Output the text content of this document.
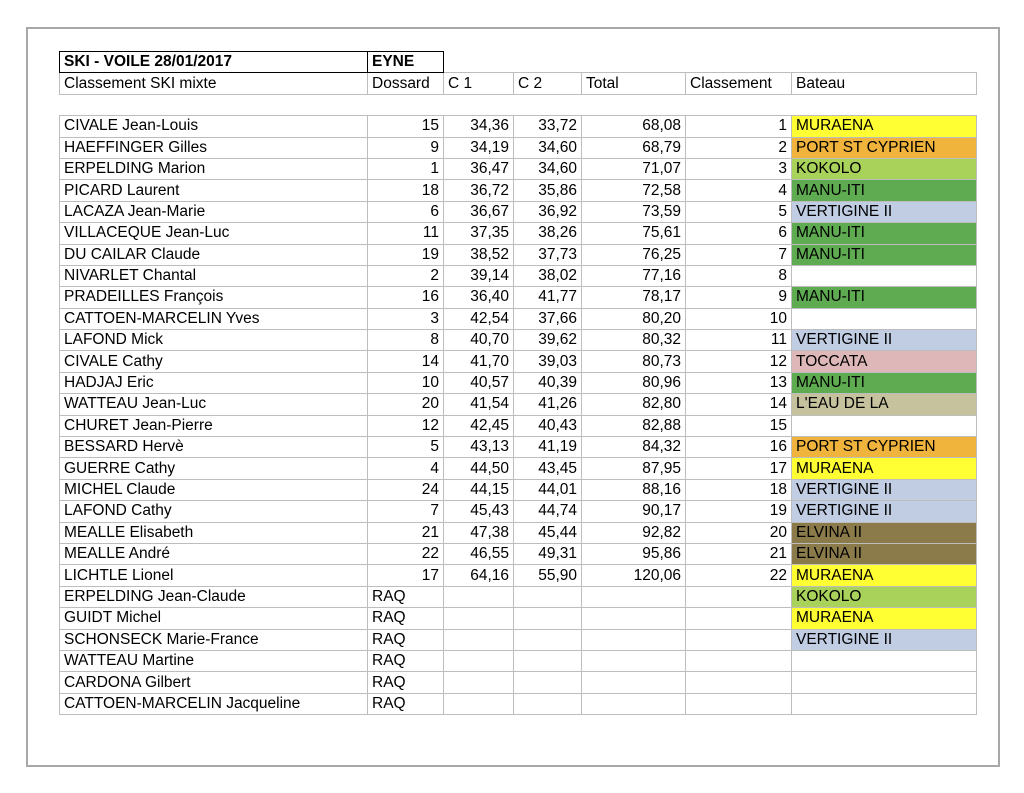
SKI - VOILE 28/01/2017	EYNE					
Classement SKI mixte	Dossard	C 1	C 2	Total	Classement	Bateau

CIVALE Jean-Louis	15	34,36	33,72	68,08	1	MURAENA
HAEFFINGER Gilles	9	34,19	34,60	68,79	2	PORT ST CYPRIEN
ERPELDING Marion	1	36,47	34,60	71,07	3	KOKOLO
PICARD Laurent	18	36,72	35,86	72,58	4	MANU-ITI
LACAZA Jean-Marie	6	36,67	36,92	73,59	5	VERTIGINE II
VILLACEQUE Jean-Luc	11	37,35	38,26	75,61	6	MANU-ITI
DU CAILAR Claude	19	38,52	37,73	76,25	7	MANU-ITI
NIVARLET Chantal	2	39,14	38,02	77,16	8	
PRADEILLES François	16	36,40	41,77	78,17	9	MANU-ITI
CATTOEN-MARCELIN Yves	3	42,54	37,66	80,20	10	
LAFOND Mick	8	40,70	39,62	80,32	11	VERTIGINE II
CIVALE Cathy	14	41,70	39,03	80,73	12	TOCCATA
HADJAJ Eric	10	40,57	40,39	80,96	13	MANU-ITI
WATTEAU Jean-Luc	20	41,54	41,26	82,80	14	L'EAU DE LA
CHURET Jean-Pierre	12	42,45	40,43	82,88	15	
BESSARD Hervè	5	43,13	41,19	84,32	16	PORT ST CYPRIEN
GUERRE Cathy	4	44,50	43,45	87,95	17	MURAENA
MICHEL Claude	24	44,15	44,01	88,16	18	VERTIGINE II
LAFOND Cathy	7	45,43	44,74	90,17	19	VERTIGINE II
MEALLE Elisabeth	21	47,38	45,44	92,82	20	ELVINA II
MEALLE André	22	46,55	49,31	95,86	21	ELVINA II
LICHTLE Lionel	17	64,16	55,90	120,06	22	MURAENA
ERPELDING Jean-Claude	RAQ					KOKOLO
GUIDT Michel	RAQ					MURAENA
SCHONSECK Marie-France	RAQ					VERTIGINE II
WATTEAU Martine	RAQ					
CARDONA Gilbert	RAQ					
CATTOEN-MARCELIN Jacqueline	RAQ					
